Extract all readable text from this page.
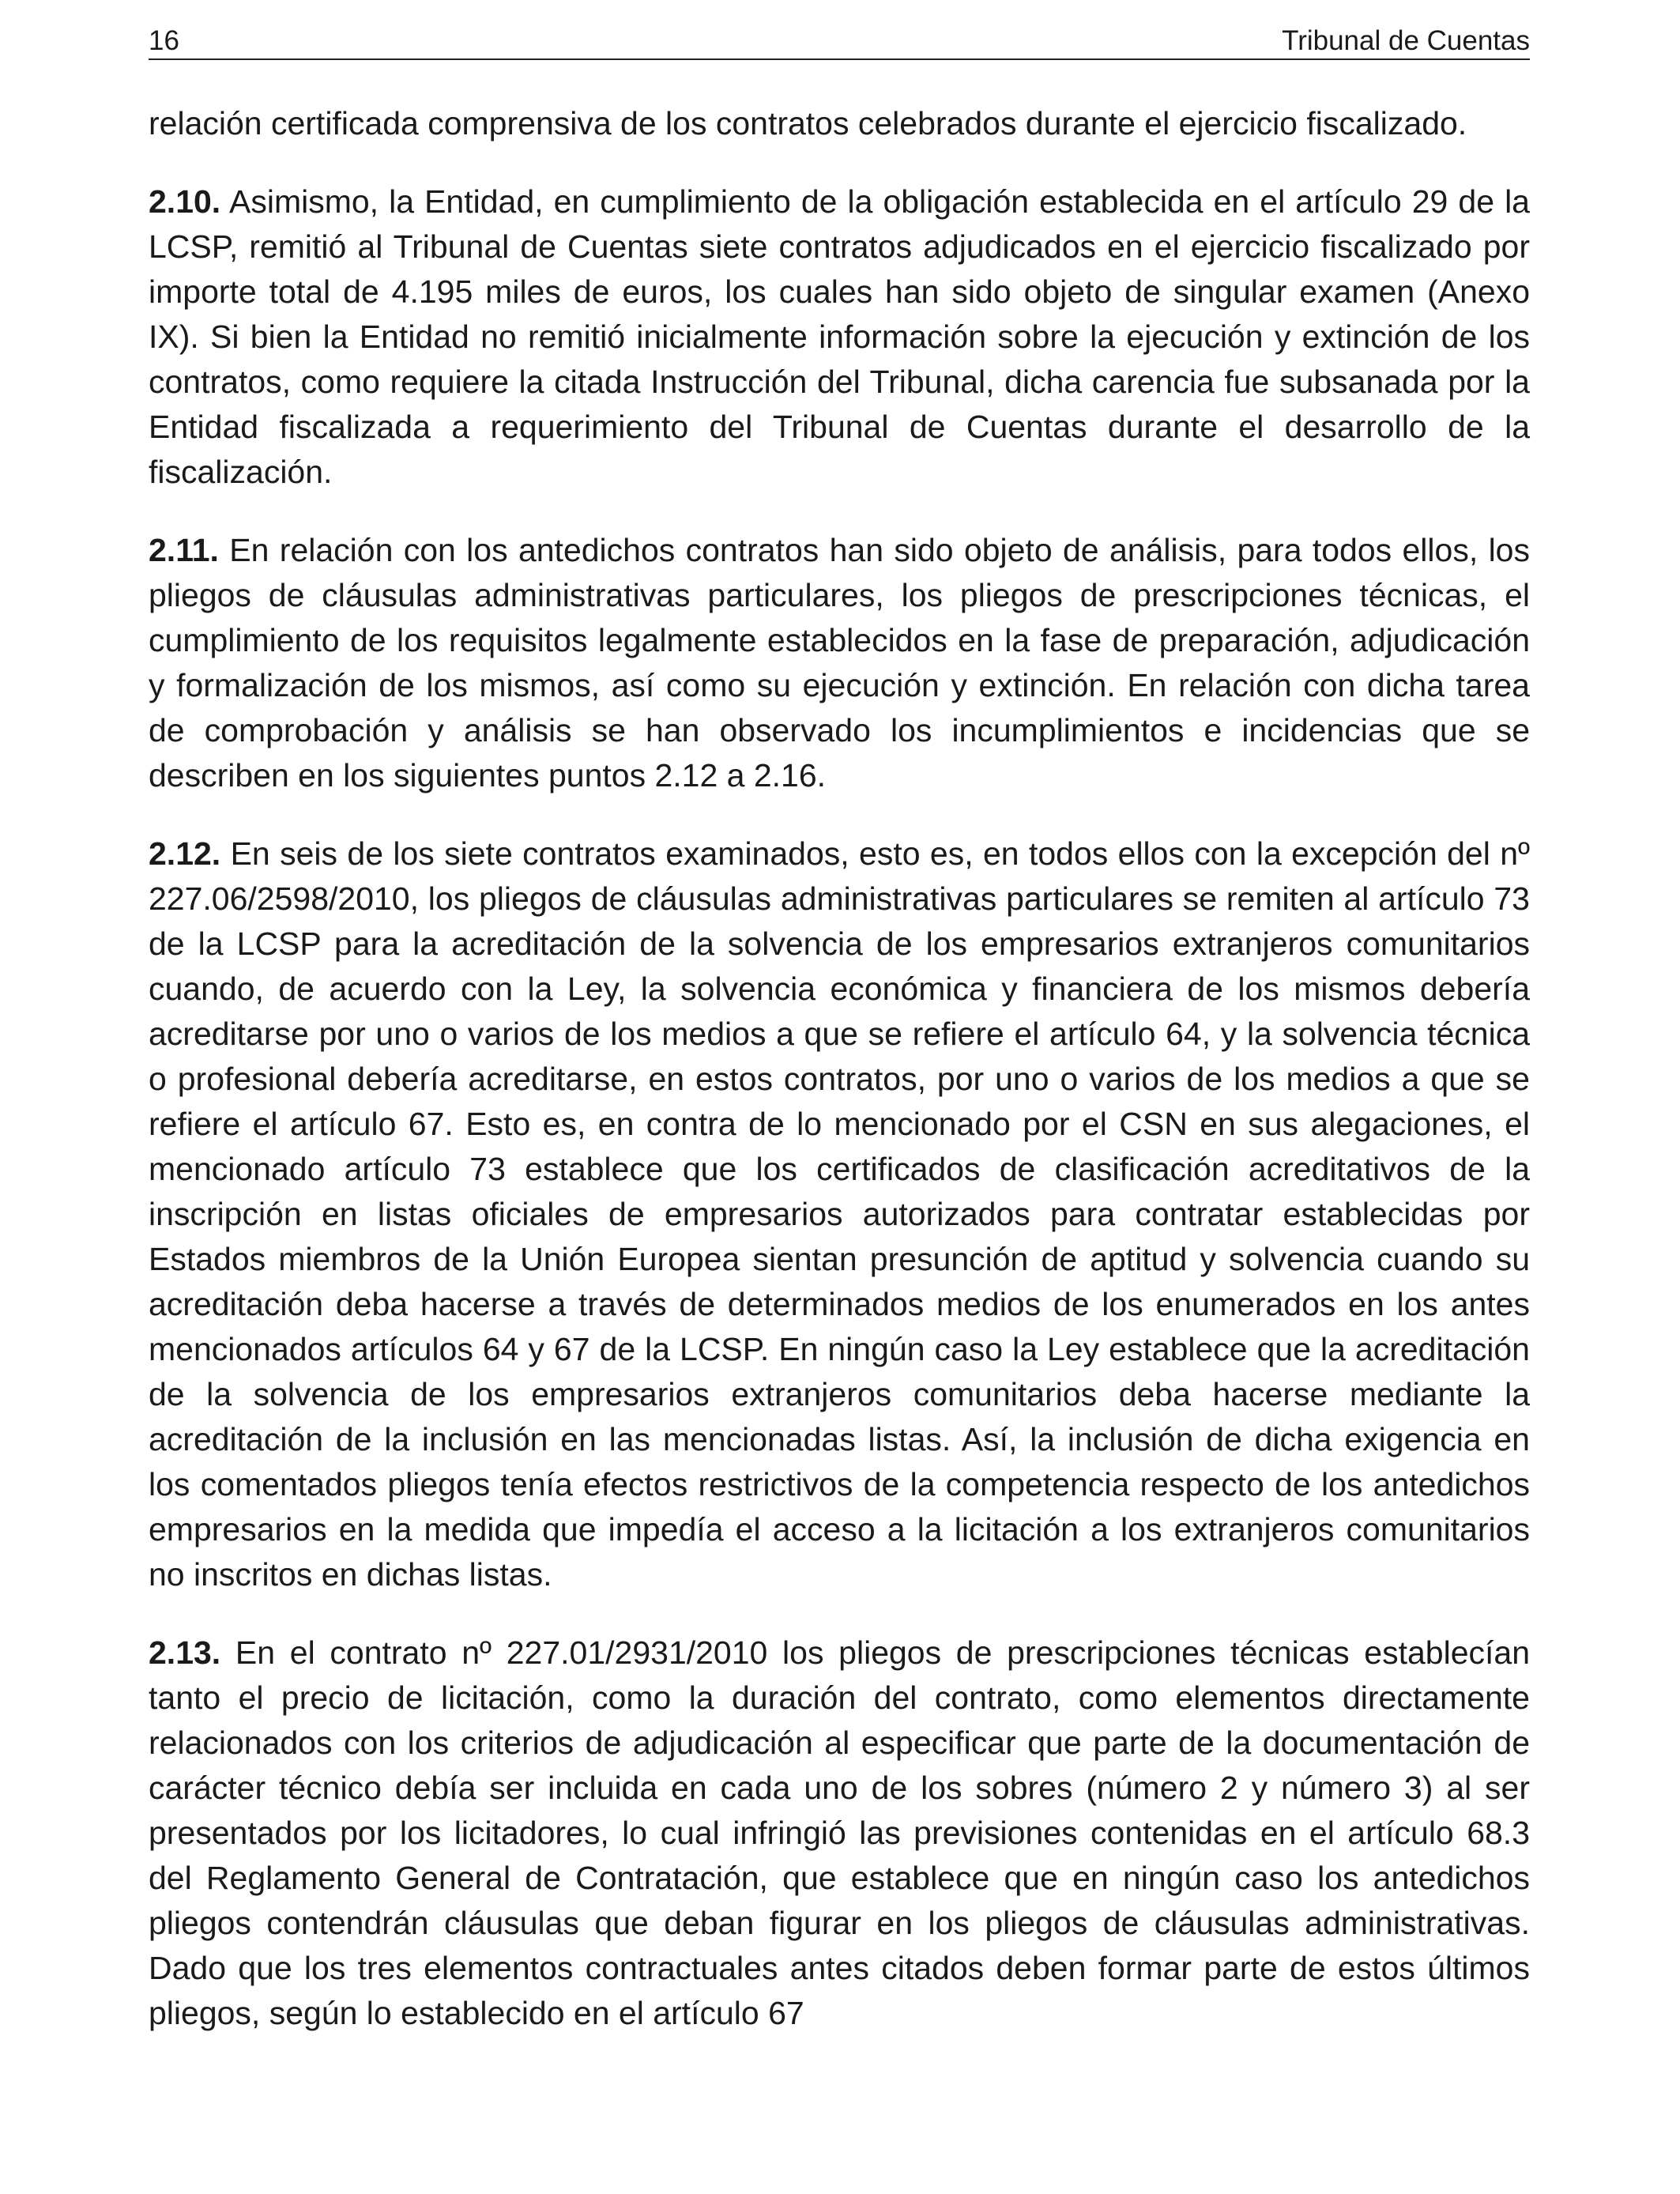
16	Tribunal de Cuentas

relación certificada comprensiva de los contratos celebrados durante el ejercicio fiscalizado.

2.10. Asimismo, la Entidad, en cumplimiento de la obligación establecida en el artículo 29 de la LCSP, remitió al Tribunal de Cuentas siete contratos adjudicados en el ejercicio fiscalizado por importe total de 4.195 miles de euros, los cuales han sido objeto de singular examen (Anexo IX). Si bien la Entidad no remitió inicialmente información sobre la ejecución y extinción de los contratos, como requiere la citada Instrucción del Tribunal, dicha carencia fue subsanada por la Entidad fiscalizada a requerimiento del Tribunal de Cuentas durante el desarrollo de la fiscalización.

2.11. En relación con los antedichos contratos han sido objeto de análisis, para todos ellos, los pliegos de cláusulas administrativas particulares, los pliegos de prescripciones técnicas, el cumplimiento de los requisitos legalmente establecidos en la fase de preparación, adjudicación y formalización de los mismos, así como su ejecución y extinción. En relación con dicha tarea de comprobación y análisis se han observado los incumplimientos e incidencias que se describen en los siguientes puntos 2.12 a 2.16.

2.12. En seis de los siete contratos examinados, esto es, en todos ellos con la excepción del nº 227.06/2598/2010, los pliegos de cláusulas administrativas particulares se remiten al artículo 73 de la LCSP para la acreditación de la solvencia de los empresarios extranjeros comunitarios cuando, de acuerdo con la Ley, la solvencia económica y financiera de los mismos debería acreditarse por uno o varios de los medios a que se refiere el artículo 64, y la solvencia técnica o profesional debería acreditarse, en estos contratos, por uno o varios de los medios a que se refiere el artículo 67. Esto es, en contra de lo mencionado por el CSN en sus alegaciones, el mencionado artículo 73 establece que los certificados de clasificación acreditativos de la inscripción en listas oficiales de empresarios autorizados para contratar establecidas por Estados miembros de la Unión Europea sientan presunción de aptitud y solvencia cuando su acreditación deba hacerse a través de determinados medios de los enumerados en los antes mencionados artículos 64 y 67 de la LCSP. En ningún caso la Ley establece que la acreditación de la solvencia de los empresarios extranjeros comunitarios deba hacerse mediante la acreditación de la inclusión en las mencionadas listas. Así, la inclusión de dicha exigencia en los comentados pliegos tenía efectos restrictivos de la competencia respecto de los antedichos empresarios en la medida que impedía el acceso a la licitación a los extranjeros comunitarios no inscritos en dichas listas.

2.13. En el contrato nº 227.01/2931/2010 los pliegos de prescripciones técnicas establecían tanto el precio de licitación, como la duración del contrato, como elementos directamente relacionados con los criterios de adjudicación al especificar que parte de la documentación de carácter técnico debía ser incluida en cada uno de los sobres (número 2 y número 3) al ser presentados por los licitadores, lo cual infringió las previsiones contenidas en el artículo 68.3 del Reglamento General de Contratación, que establece que en ningún caso los antedichos pliegos contendrán cláusulas que deban figurar en los pliegos de cláusulas administrativas. Dado que los tres elementos contractuales antes citados deben formar parte de estos últimos pliegos, según lo establecido en el artículo 67
